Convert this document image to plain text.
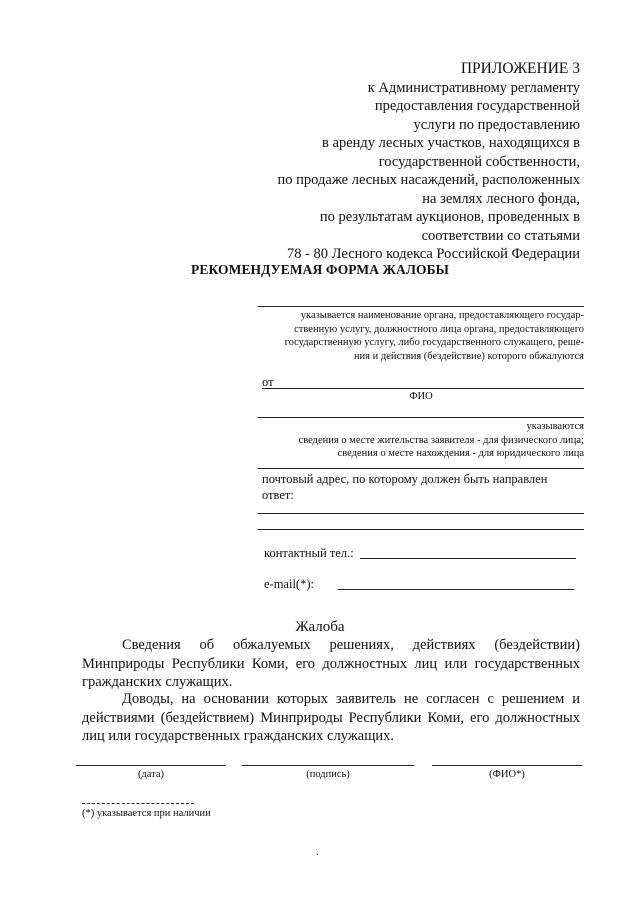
ПРИЛОЖЕНИЕ 3
к Административному регламенту
предоставления государственной
услуги по предоставлению
в аренду лесных участков, находящихся в
государственной собственности,
по продаже лесных насаждений, расположенных
на землях лесного фонда,
по результатам аукционов, проведенных в
соответствии со статьями
78 - 80 Лесного кодекса Российской Федерации
РЕКОМЕНДУЕМАЯ ФОРМА ЖАЛОБЫ
указывается наименование органа, предоставляющего государ-
ственную услугу, должностного лица органа, предоставляющего
государственную услугу, либо государственного служащего, реше-
ния и действия (бездействие) которого обжалуются
от
ФИО
указываются
сведения о месте жительства заявителя - для физического лица;
сведения о месте нахождения - для юридического лица
почтовый адрес, по которому должен быть направлен
ответ:
контактный тел.:
e-mail(*):
Жалоба
Сведения об обжалуемых решениях, действиях (бездействии) Минприроды Республики Коми, его должностных лиц или государственных гражданских служащих.
Доводы, на основании которых заявитель не согласен с решением и действиями (бездействием) Минприроды Республики Коми, его должностных лиц или государственных гражданских служащих.
(дата)	(подпись)	(ФИО*)
(*) указывается при наличии
.
